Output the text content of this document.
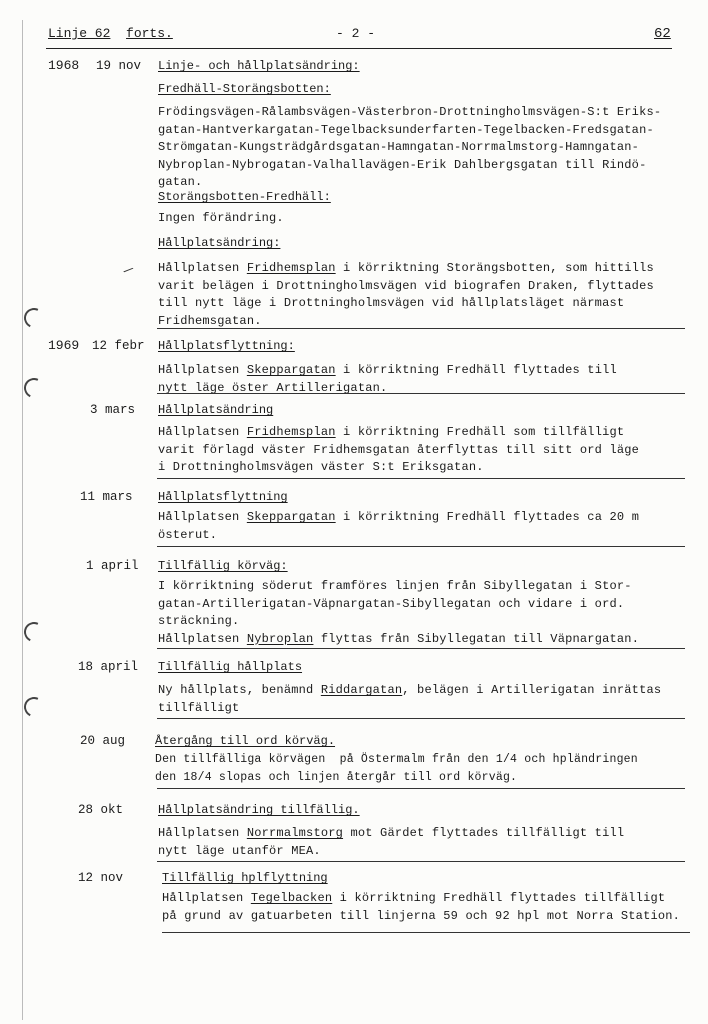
/
Linje 62 forts.	- 2 -	62
1968 19 nov Linje- och hållplatsändring:
Fredhäll-Storängsbotten:
Frödingsvägen-Rålambsvägen-Västerbron-Drottningholmsvägen-S:t Eriks-
gatan-Hantverkargatan-Tegelbacksunderfarten-Tegelbacken-Fredsgatan-
Strömgatan-Kungsträdgårdsgatan-Hamngatan-Norrmalmstorg-Hamngatan-
Nybroplan-Nybrogatan-Valhallavägen-Erik Dahlbergsgatan till Rindö-
gatan.
Storängsbotten-Fredhäll:
Ingen förändring.
Hållplatsändring:
Hållplatsen Fridhemsplan i körriktning Storängsbotten, som hittills
varit belägen i Drottningholmsvägen vid biografen Draken, flyttades
till nytt läge i Drottningholmsvägen vid hållplatsläget närmast
Fridhemsgatan.
1969 12 febr Hållplatsflyttning:
Hållplatsen Skeppargatan i körriktning Fredhäll flyttades till
nytt läge öster Artillerigatan.
3 mars Hållplatsändring
Hållplatsen Fridhemsplan i körriktning Fredhäll som tillfälligt
varit förlagd väster Fridhemsgatan återflyttas till sitt ord läge
i Drottningholmsvägen väster S:t Eriksgatan.
11 mars Hållplatsflyttning
Hållplatsen Skeppargatan i körriktning Fredhäll flyttades ca 20 m
österut.
1 april Tillfällig körväg:
I körriktning söderut framföres linjen från Sibyllegatan i Stor-
gatan-Artillerigatan-Väpnargatan-Sibyllegatan och vidare i ord.
sträckning.
Hållplatsen Nybroplan flyttas från Sibyllegatan till Väpnargatan.
18 april Tillfällig hållplats
Ny hållplats, benämnd Riddargatan, belägen i Artillerigatan inrättas
tillfälligt
20 aug Återgång till ord körväg.
Den tillfälliga körvägen  på Östermalm från den 1/4 och hpländringen
den 18/4 slopas och linjen återgår till ord körväg.
28 okt	Hållplatsändring tillfällig.
Hållplatsen Norrmalmstorg mot Gärdet flyttades tillfälligt till
nytt läge utanför MEA.
12 nov	Tillfällig hplflyttning
Hållplatsen Tegelbacken i körriktning Fredhäll flyttades tillfälligt
på grund av gatuarbeten till linjerna 59 och 92 hpl mot Norra Station.
